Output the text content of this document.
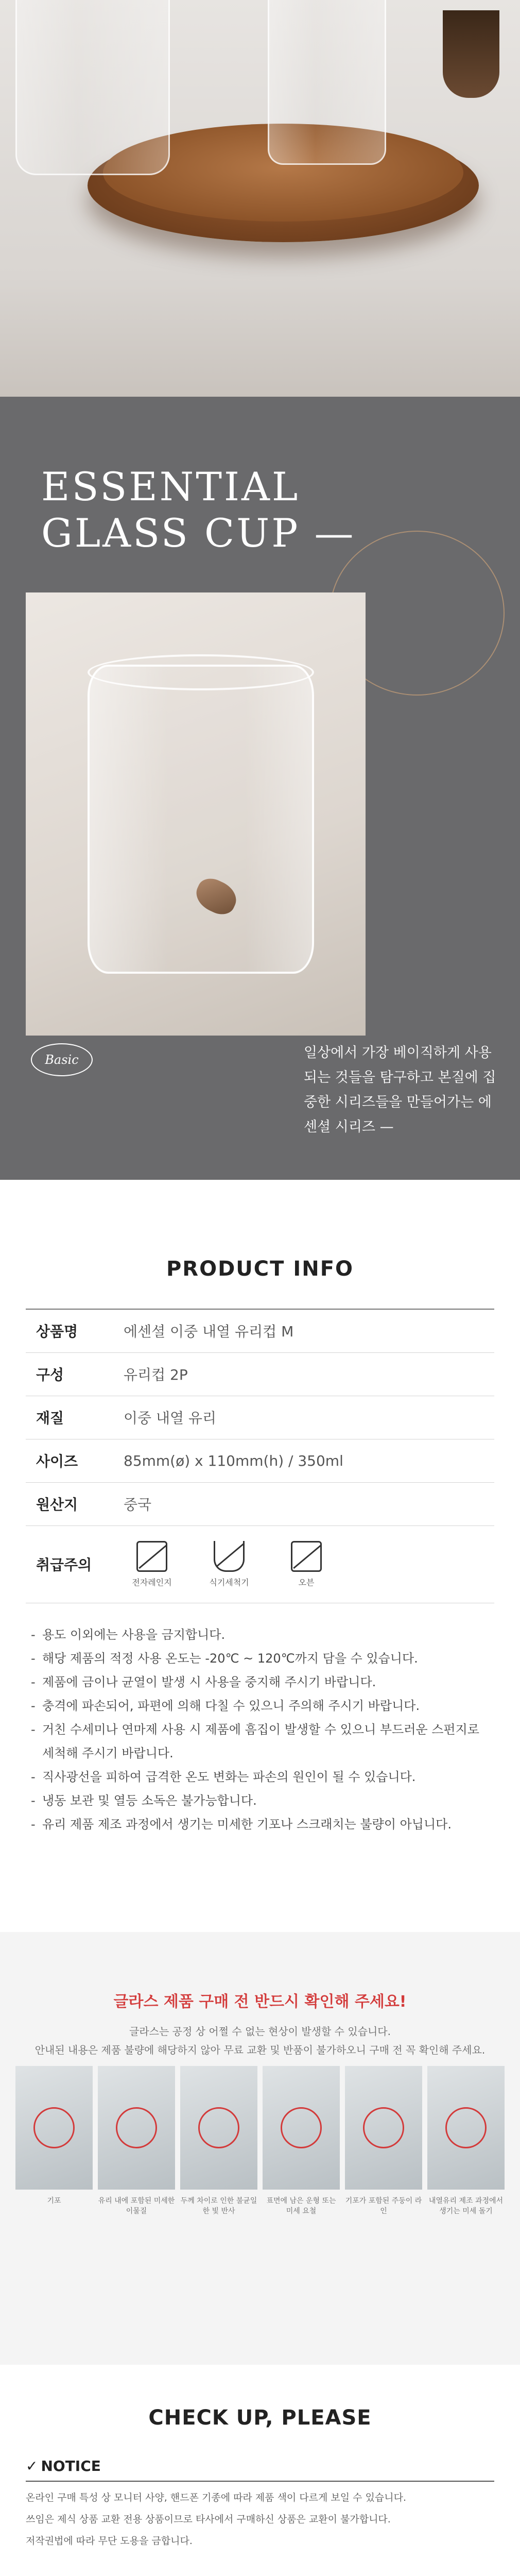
ESSENTIAL
GLASS CUP —
Basic	일상에서 가장 베이직하게 사용되는 것들을 탐구하고 본질에 집중한 시리즈들을 만들어가는 에센셜 시리즈 —
PRODUCT INFO
상품명	에센셜 이중 내열 유리컵 M
구성	유리컵 2P
재질	이중 내열 유리
사이즈	85mm(ø) x 110mm(h) / 350ml
원산지	중국
취급주의	전자레인지 식기세척기 오븐
- 용도 이외에는 사용을 금지합니다.
- 해당 제품의 적정 사용 온도는 -20℃ ~ 120℃까지 담을 수 있습니다.
- 제품에 금이나 균열이 발생 시 사용을 중지해 주시기 바랍니다.
- 충격에 파손되어, 파편에 의해 다칠 수 있으니 주의해 주시기 바랍니다.
- 거친 수세미나 연마제 사용 시 제품에 흠집이 발생할 수 있으니 부드러운 스펀지로 세척해 주시기 바랍니다.
- 직사광선을 피하여 급격한 온도 변화는 파손의 원인이 될 수 있습니다.
- 냉동 보관 및 열등 소독은 불가능합니다.
- 유리 제품 제조 과정에서 생기는 미세한 기포나 스크래치는 불량이 아닙니다.
글라스 제품 구매 전 반드시 확인해 주세요!
글라스는 공정 상 어쩔 수 없는 현상이 발생할 수 있습니다.
안내된 내용은 제품 불량에 해당하지 않아 무료 교환 및 반품이 불가하오니 구매 전 꼭 확인해 주세요.
기포	유리 내에 포함된 미세한 이물질
두께 차이로 인한 불균일한 빛 반사
표면에 남은 운형 또는 미세 요철
기포가 포함된 주둥이 라인
내열유리 제조 과정에서 생기는 미세 돌기
CHECK UP, PLEASE
✓ NOTICE

온라인 구매 특성 상 모니터 사양, 핸드폰 기종에 따라 제품 색이 다르게 보일 수 있습니다.

쓰임은 제식 상품 교환 전용 상품이므로 타사에서 구매하신 상품은 교환이 불가합니다.

저작권법에 따라 무단 도용을 금합니다.
